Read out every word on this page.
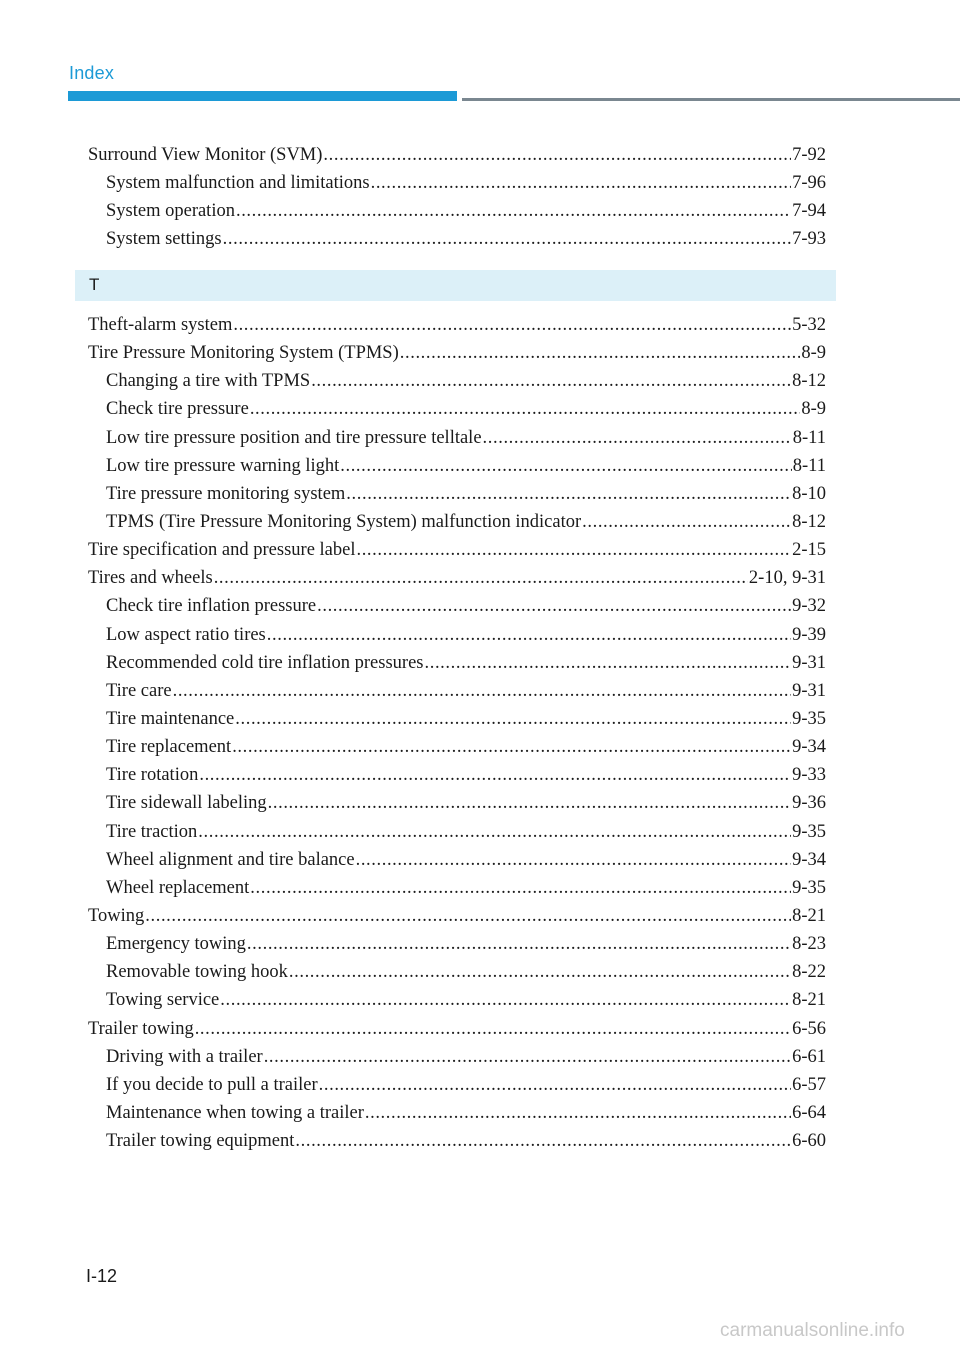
Index
Surround View Monitor (SVM) .....	7-92
System malfunction and limitations .....	7-96
System operation .....	7-94
System settings .....	7-93
T
Theft-alarm system .....	5-32
Tire Pressure Monitoring System (TPMS) .....	8-9
Changing a tire with TPMS .....	8-12
Check tire pressure .....	8-9
Low tire pressure position and tire pressure telltale .....	8-11
Low tire pressure warning light .....	8-11
Tire pressure monitoring system .....	8-10
TPMS (Tire Pressure Monitoring System) malfunction indicator .....	8-12
Tire specification and pressure label .....	2-15
Tires and wheels .....	2-10, 9-31
Check tire inflation pressure .....	9-32
Low aspect ratio tires .....	9-39
Recommended cold tire inflation pressures .....	9-31
Tire care .....	9-31
Tire maintenance .....	9-35
Tire replacement .....	9-34
Tire rotation .....	9-33
Tire sidewall labeling .....	9-36
Tire traction .....	9-35
Wheel alignment and tire balance .....	9-34
Wheel replacement .....	9-35
Towing .....	8-21
Emergency towing .....	8-23
Removable towing hook .....	8-22
Towing service .....	8-21
Trailer towing .....	6-56
Driving with a trailer .....	6-61
If you decide to pull a trailer .....	6-57
Maintenance when towing a trailer .....	6-64
Trailer towing equipment .....	6-60
I-12
carmanualsonline.info
